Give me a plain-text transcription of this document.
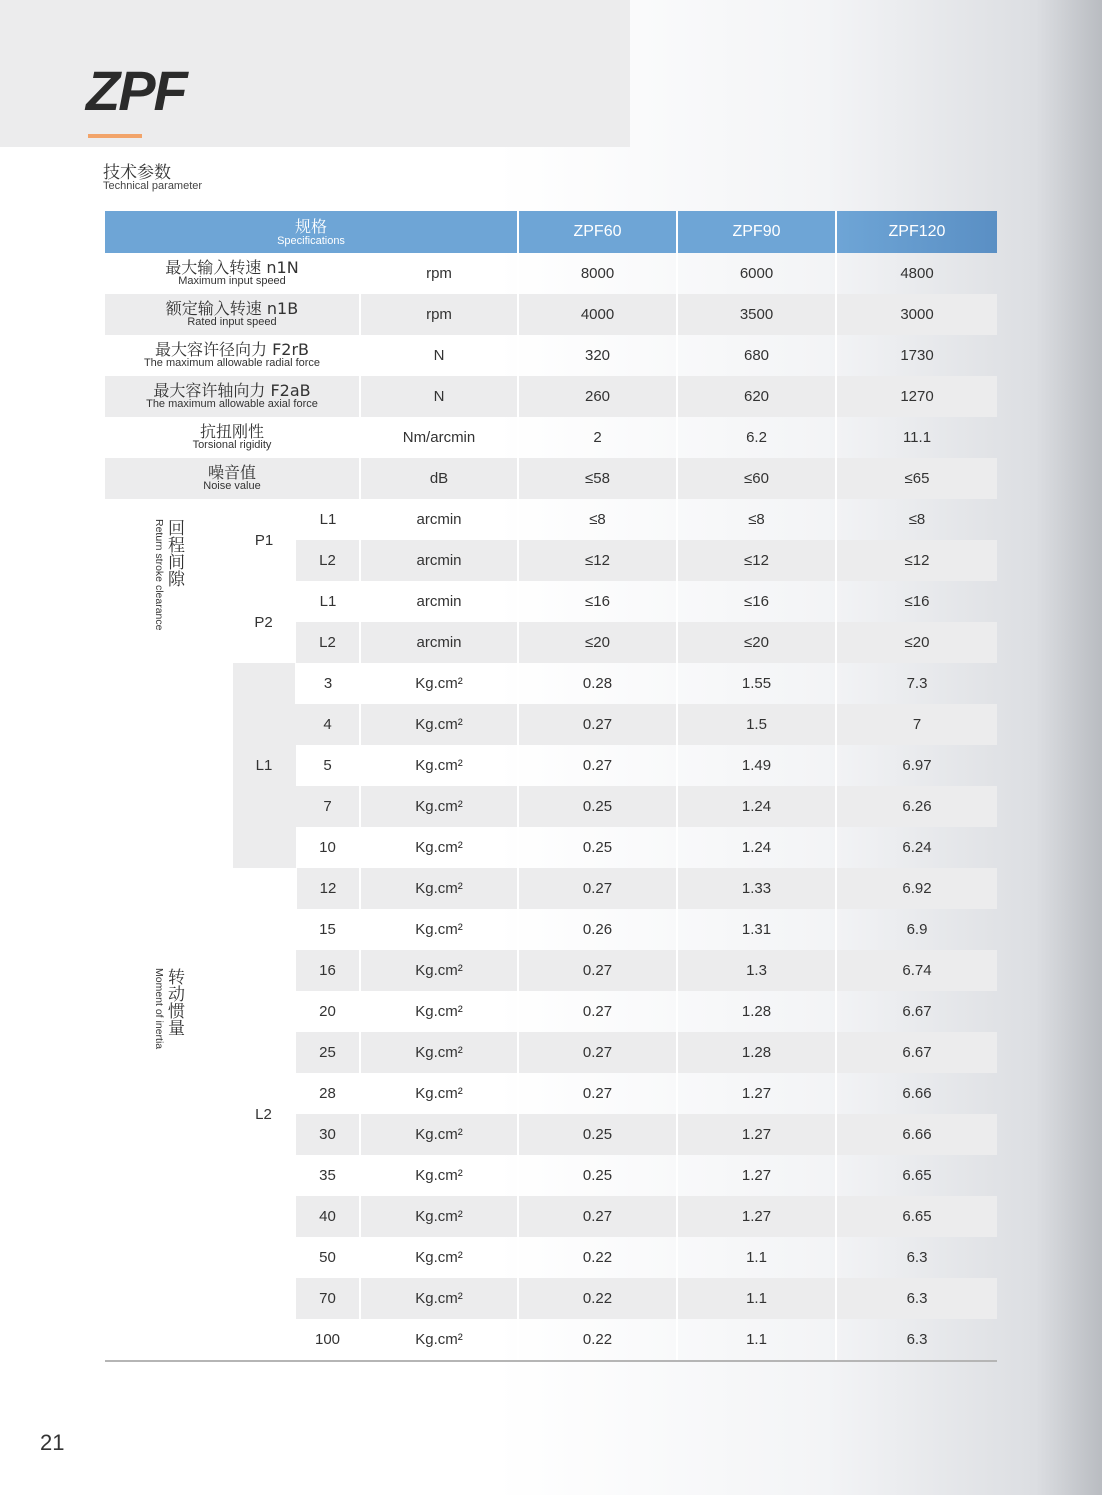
ZPF
技术参数
Technical parameter
规格
Specifications				ZPF60	ZPF90	ZPF120

最大输入转速 n1N
Maximum input speed			rpm	8000	6000	4800

额定输入转速 n1B
Rated input speed			rpm	4000	3500	3000

最大容许径向力 F2rB
The maximum allowable radial force			N	320	680	1730

最大容许轴向力 F2aB
The maximum allowable axial force			N	260	620	1270

抗扭刚性
Torsional rigidity			Nm/arcmin	2	6.2	11.1

噪音值
Noise value			dB	≤58	≤60	≤65

Return stroke clearance 回程间隙	P1	L1	arcmin	≤8	≤8	≤8
		L2	arcmin	≤12	≤12	≤12
	P2	L1	arcmin	≤16	≤16	≤16
		L2	arcmin	≤20	≤20	≤20

Moment of inertia 转动惯量	L1	3	Kg.cm²	0.28	1.55	7.3
		4	Kg.cm²	0.27	1.5	7
		5	Kg.cm²	0.27	1.49	6.97
		7	Kg.cm²	0.25	1.24	6.26
		10	Kg.cm²	0.25	1.24	6.24
	L2	12	Kg.cm²	0.27	1.33	6.92
		15	Kg.cm²	0.26	1.31	6.9
		16	Kg.cm²	0.27	1.3	6.74
		20	Kg.cm²	0.27	1.28	6.67
		25	Kg.cm²	0.27	1.28	6.67
		28	Kg.cm²	0.27	1.27	6.66
		30	Kg.cm²	0.25	1.27	6.66
		35	Kg.cm²	0.25	1.27	6.65
		40	Kg.cm²	0.27	1.27	6.65
		50	Kg.cm²	0.22	1.1	6.3
		70	Kg.cm²	0.22	1.1	6.3
		100	Kg.cm²	0.22	1.1	6.3
21
